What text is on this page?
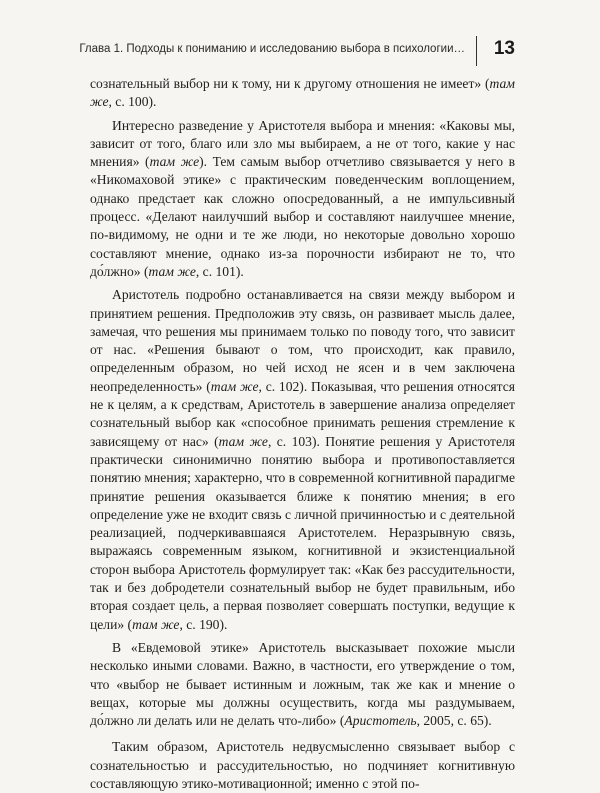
Глава 1. Подходы к пониманию и исследованию выбора в психологии… 13

сознательный выбор ни к тому, ни к другому отношения не имеет» (там же, с. 100).

Интересно разведение у Аристотеля выбора и мнения: «Каковы мы, зависит от того, благо или зло мы выбираем, а не от того, какие у нас мнения» (там же). Тем самым выбор отчетливо связывается у него в «Никомаховой этике» с практическим поведенческим воплощением, однако предстает как сложно опосредованный, а не импульсивный процесс. «Делают наилучший выбор и составляют наилучшее мнение, по-видимому, не одни и те же люди, но некоторые довольно хорошо составляют мнение, однако из-за порочности избирают не то, что до́лжно» (там же, с. 101).

Аристотель подробно останавливается на связи между выбором и принятием решения. Предположив эту связь, он развивает мысль далее, замечая, что решения мы принимаем только по поводу того, что зависит от нас. «Решения бывают о том, что происходит, как правило, определенным образом, но чей исход не ясен и в чем заключена неопределенность» (там же, с. 102). Показывая, что решения относятся не к целям, а к средствам, Аристотель в завершение анализа определяет сознательный выбор как «способное принимать решения стремление к зависящему от нас» (там же, с. 103). Понятие решения у Аристотеля практически синонимично понятию выбора и противопоставляется понятию мнения; характерно, что в современной когнитивной парадигме принятие решения оказывается ближе к понятию мнения; в его определение уже не входит связь с личной причинностью и с деятельной реализацией, подчеркивавшаяся Аристотелем. Неразрывную связь, выражаясь современным языком, когнитивной и экзистенциальной сторон выбора Аристотель формулирует так: «Как без рассудительности, так и без добродетели сознательный выбор не будет правильным, ибо вторая создает цель, а первая позволяет совершать поступки, ведущие к цели» (там же, с. 190).

В «Евдемовой этике» Аристотель высказывает похожие мысли несколько иными словами. Важно, в частности, его утверждение о том, что «выбор не бывает истинным и ложным, так же как и мнение о вещах, которые мы должны осуществить, когда мы раздумываем, до́лжно ли делать или не делать что-либо» (Аристотель, 2005, с. 65).

Таким образом, Аристотель недвусмысленно связывает выбор с сознательностью и рассудительностью, но подчиняет когнитивную составляющую этико-мотивационной; именно с этой по-
